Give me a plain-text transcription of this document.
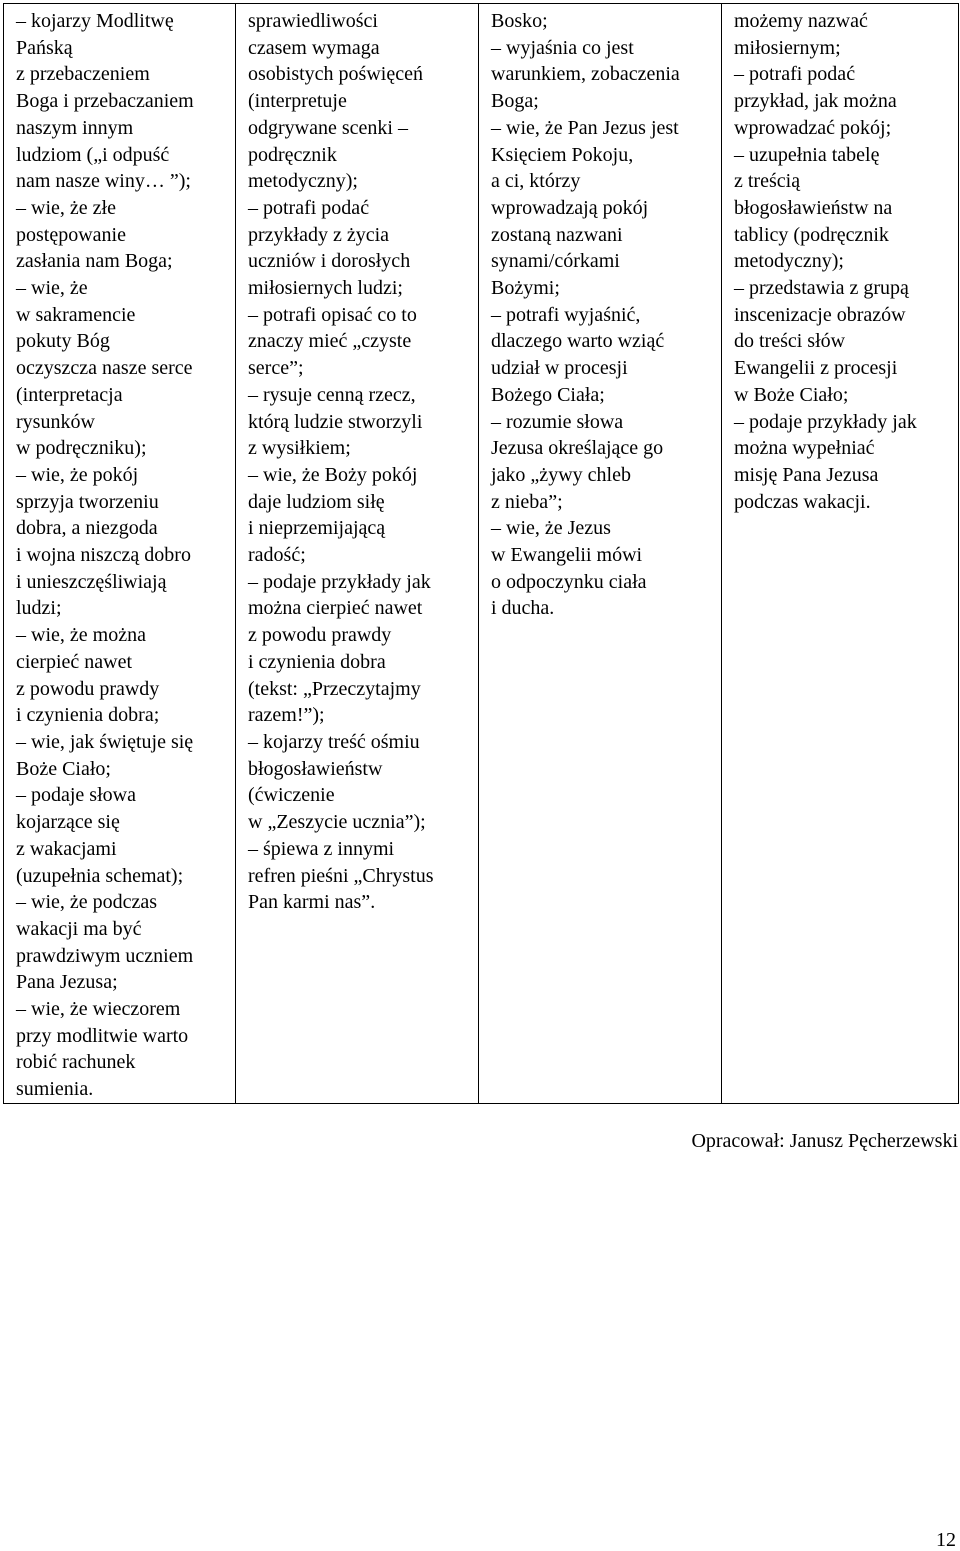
– kojarzy Modlitwę
Pańską
z przebaczeniem
Boga i przebaczaniem
naszym innym
ludziom („i odpuść
nam nasze winy… ”);
– wie, że złe
postępowanie
zasłania nam Boga;
– wie, że
w sakramencie
pokuty Bóg
oczyszcza nasze serce
(interpretacja
rysunków
w podręczniku);
– wie, że pokój
sprzyja tworzeniu
dobra, a niezgoda
i wojna niszczą dobro
i unieszczęśliwiają
ludzi;
– wie, że można
cierpieć nawet
z powodu prawdy
i czynienia dobra;
– wie, jak świętuje się
Boże Ciało;
– podaje słowa
kojarzące się
z wakacjami
(uzupełnia schemat);
– wie, że podczas
wakacji ma być
prawdziwym uczniem
Pana Jezusa;
– wie, że wieczorem
przy modlitwie warto
robić rachunek
sumienia.

sprawiedliwości
czasem wymaga
osobistych poświęceń
(interpretuje
odgrywane scenki –
podręcznik
metodyczny);
– potrafi podać
przykłady z życia
uczniów i dorosłych
miłosiernych ludzi;
– potrafi opisać co to
znaczy mieć „czyste
serce”;
– rysuje cenną rzecz,
którą ludzie stworzyli
z wysiłkiem;
– wie, że Boży pokój
daje ludziom siłę
i nieprzemijającą
radość;
– podaje przykłady jak
można cierpieć nawet
z powodu prawdy
i czynienia dobra
(tekst: „Przeczytajmy
razem!”);
– kojarzy treść ośmiu
błogosławieństw
(ćwiczenie
w „Zeszycie ucznia”);
– śpiewa z innymi
refren pieśni „Chrystus
Pan karmi nas”.

Bosko;
– wyjaśnia co jest
warunkiem, zobaczenia
Boga;
– wie, że Pan Jezus jest
Księciem Pokoju,
a ci, którzy
wprowadzają pokój
zostaną nazwani
synami/córkami
Bożymi;
– potrafi wyjaśnić,
dlaczego warto wziąć
udział w procesji
Bożego Ciała;
– rozumie słowa
Jezusa określające go
jako „żywy chleb
z nieba”;
– wie, że Jezus
w Ewangelii mówi
o odpoczynku ciała
i ducha.

możemy nazwać
miłosiernym;
– potrafi podać
przykład, jak można
wprowadzać pokój;
– uzupełnia tabelę
z treścią
błogosławieństw na
tablicy (podręcznik
metodyczny);
– przedstawia z grupą
inscenizacje obrazów
do treści słów
Ewangelii z procesji
w Boże Ciało;
– podaje przykłady jak
można wypełniać
misję Pana Jezusa
podczas wakacji.
Opracował: Janusz Pęcherzewski
12
